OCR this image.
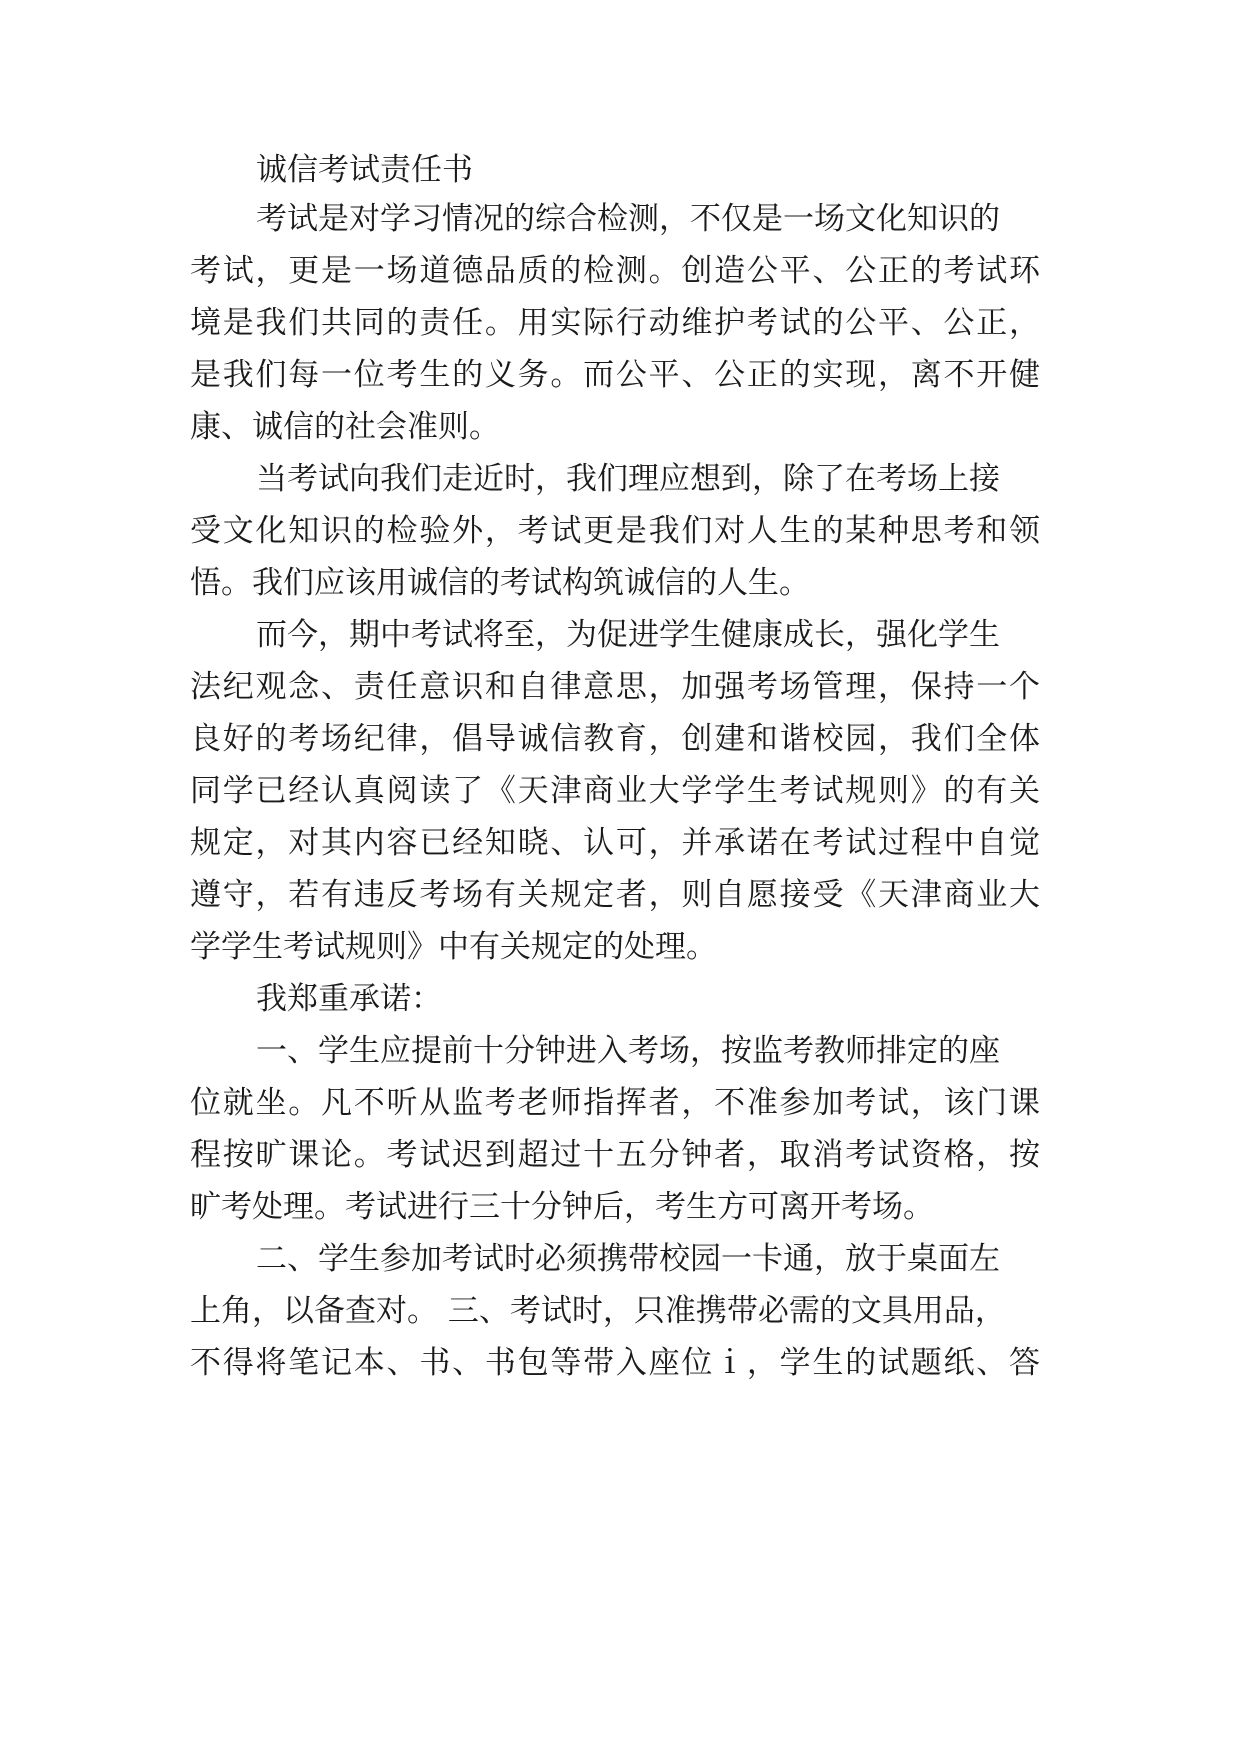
诚信考试责任书
考试是对学习情况的综合检测，不仅是一场文化知识的
考试，更是一场道德品质的检测。创造公平、公正的考试环
境是我们共同的责任。用实际行动维护考试的公平、公正，
是我们每一位考生的义务。而公平、公正的实现，离不开健
康、诚信的社会准则。
当考试向我们走近时，我们理应想到，除了在考场上接
受文化知识的检验外，考试更是我们对人生的某种思考和领
悟。我们应该用诚信的考试构筑诚信的人生。
而今，期中考试将至，为促进学生健康成长，强化学生
法纪观念、责任意识和自律意思，加强考场管理，保持一个
良好的考场纪律，倡导诚信教育，创建和谐校园，我们全体
同学已经认真阅读了《天津商业大学学生考试规则》的有关
规定，对其内容已经知晓、认可，并承诺在考试过程中自觉
遵守，若有违反考场有关规定者，则自愿接受《天津商业大
学学生考试规则》中有关规定的处理。
我郑重承诺：
一、学生应提前十分钟进入考场，按监考教师排定的座
位就坐。凡不听从监考老师指挥者，不准参加考试，该门课
程按旷课论。考试迟到超过十五分钟者，取消考试资格，按
旷考处理。考试进行三十分钟后，考生方可离开考场。
二、学生参加考试时必须携带校园一卡通，放于桌面左
上角，以备查对。 三、考试时，只准携带必需的文具用品，
不得将笔记本、书、书包等带入座位ｉ，学生的试题纸、答
